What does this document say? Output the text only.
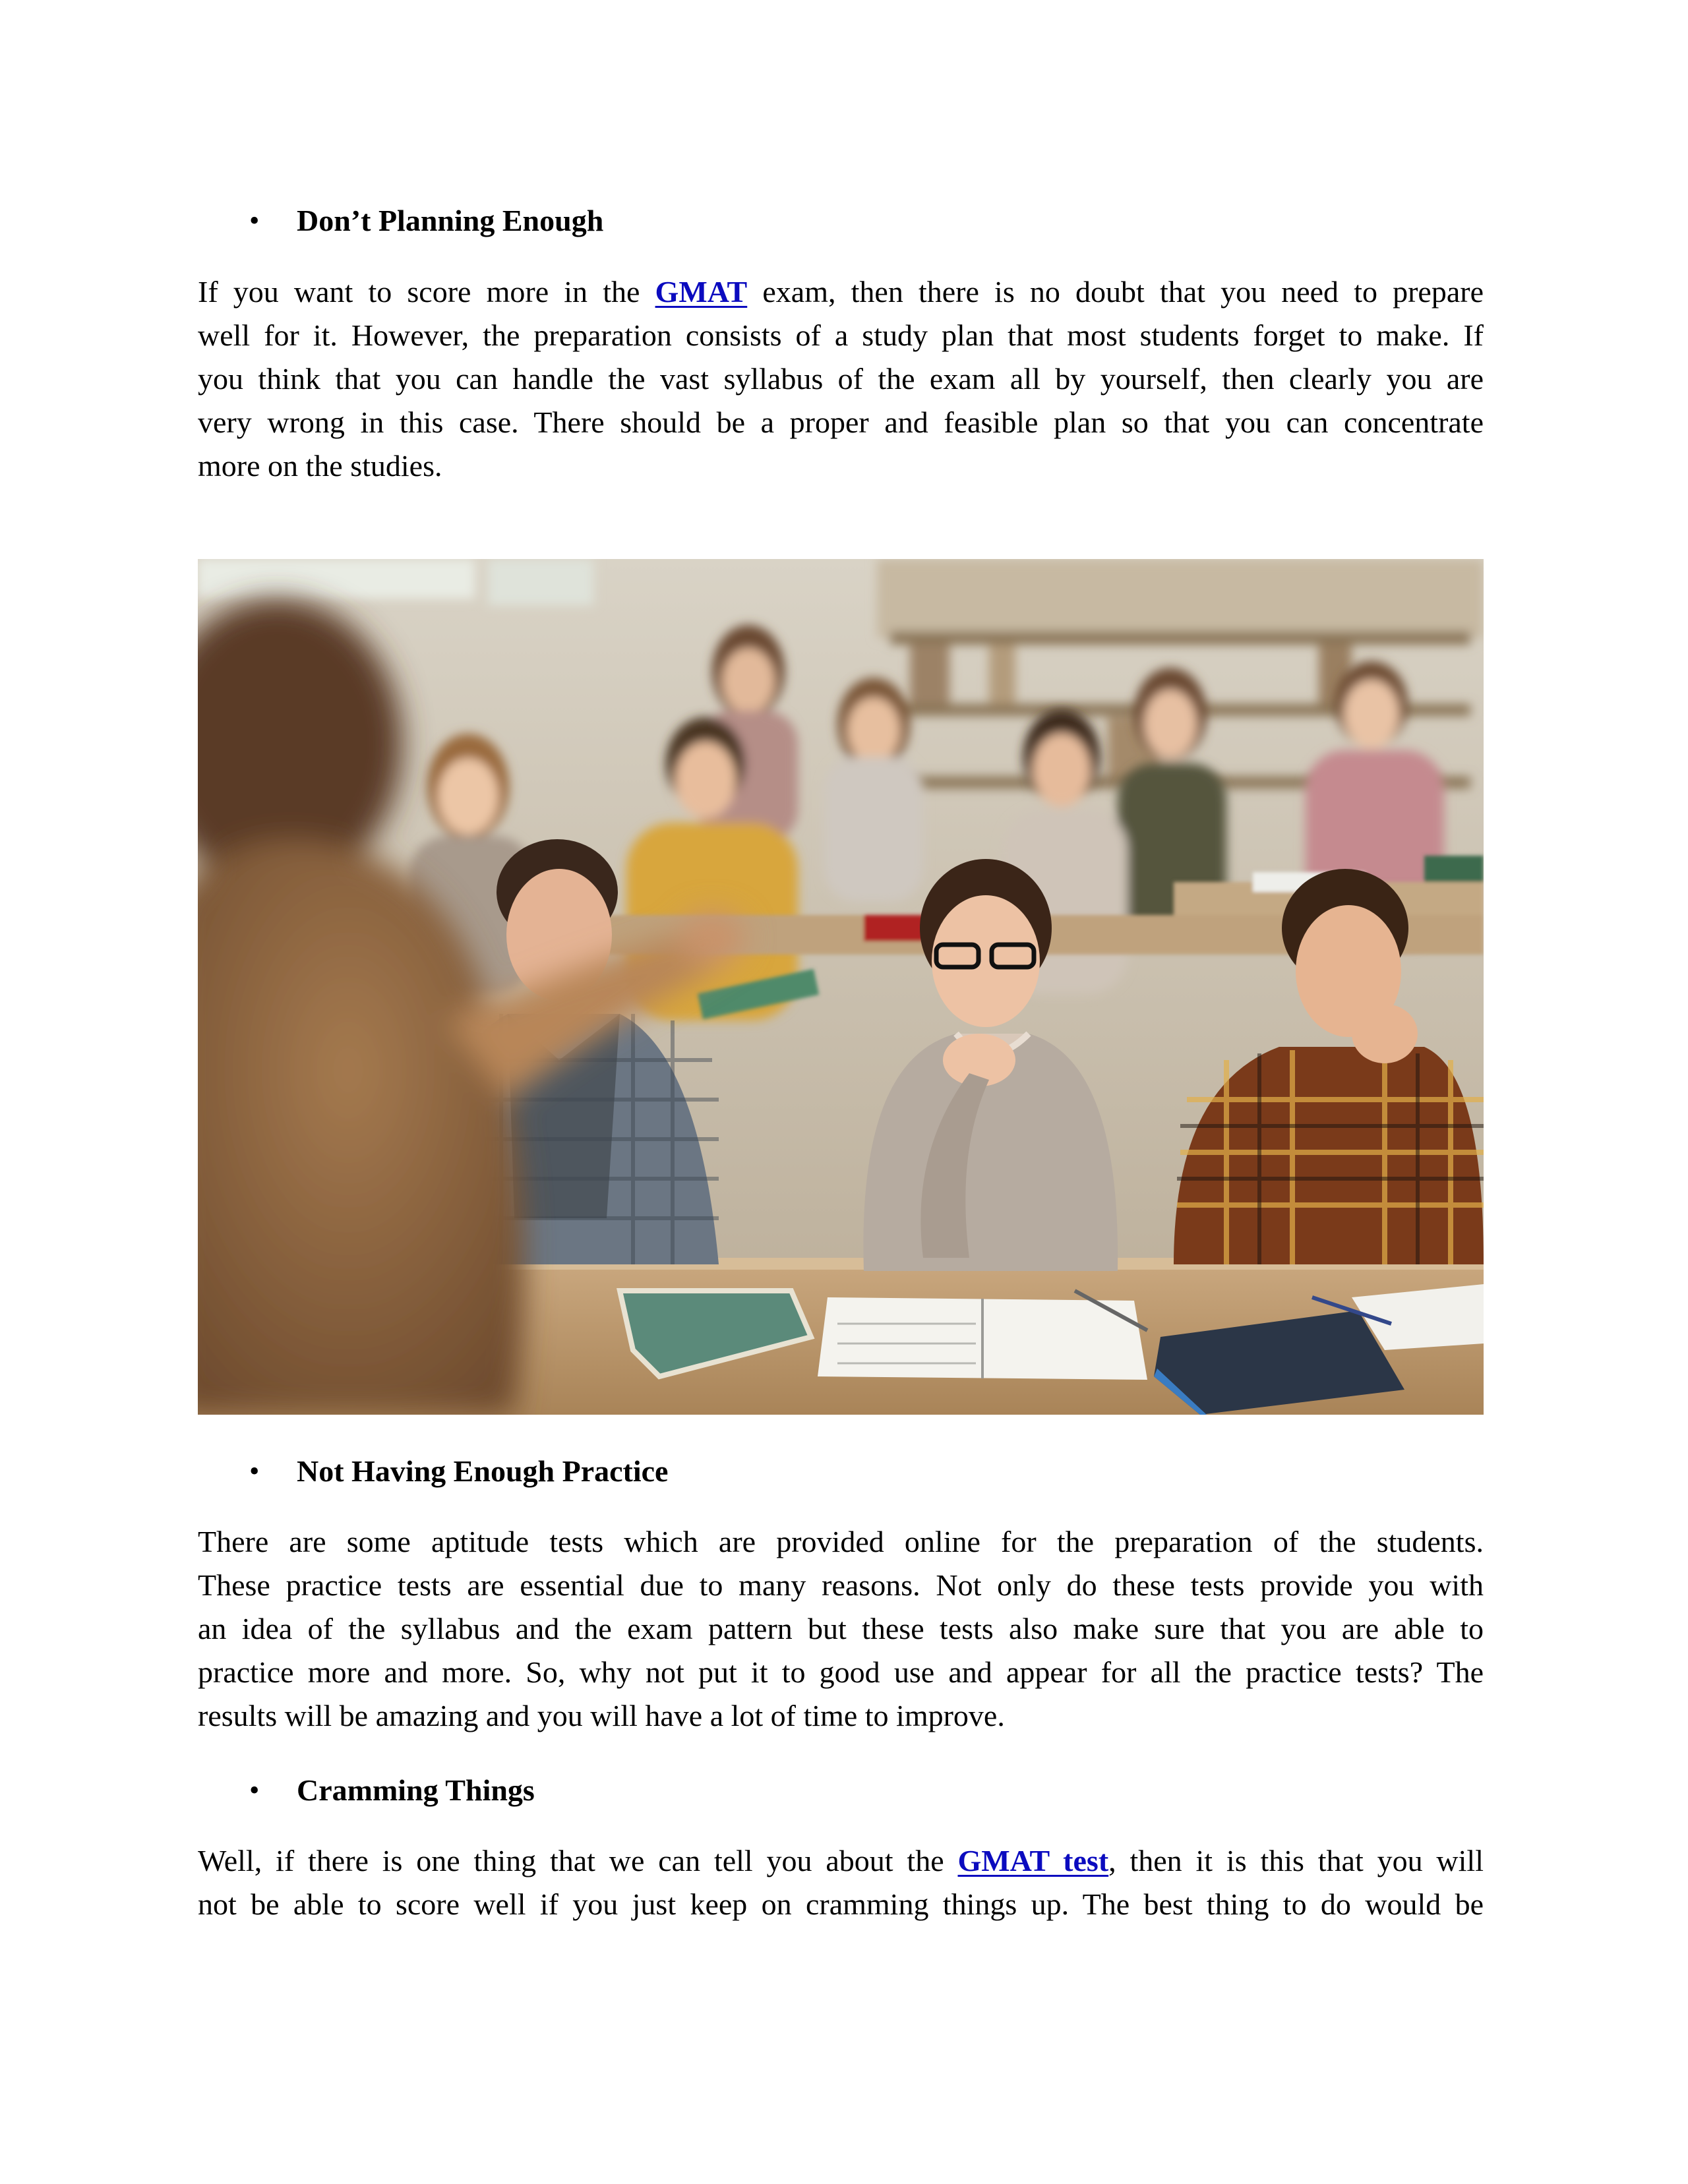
• Don’t Planning Enough
If you want to score more in the GMAT exam, then there is no doubt that you need to prepare
well for it. However, the preparation consists of a study plan that most students forget to make. If
you think that you can handle the vast syllabus of the exam all by yourself, then clearly you are
very wrong in this case. There should be a proper and feasible plan so that you can concentrate
more on the studies.
• Not Having Enough Practice
There are some aptitude tests which are provided online for the preparation of the students.
These practice tests are essential due to many reasons. Not only do these tests provide you with
an idea of the syllabus and the exam pattern but these tests also make sure that you are able to
practice more and more. So, why not put it to good use and appear for all the practice tests? The
results will be amazing and you will have a lot of time to improve.
• Cramming Things
Well, if there is one thing that we can tell you about the GMAT test, then it is this that you will
not be able to score well if you just keep on cramming things up. The best thing to do would be
